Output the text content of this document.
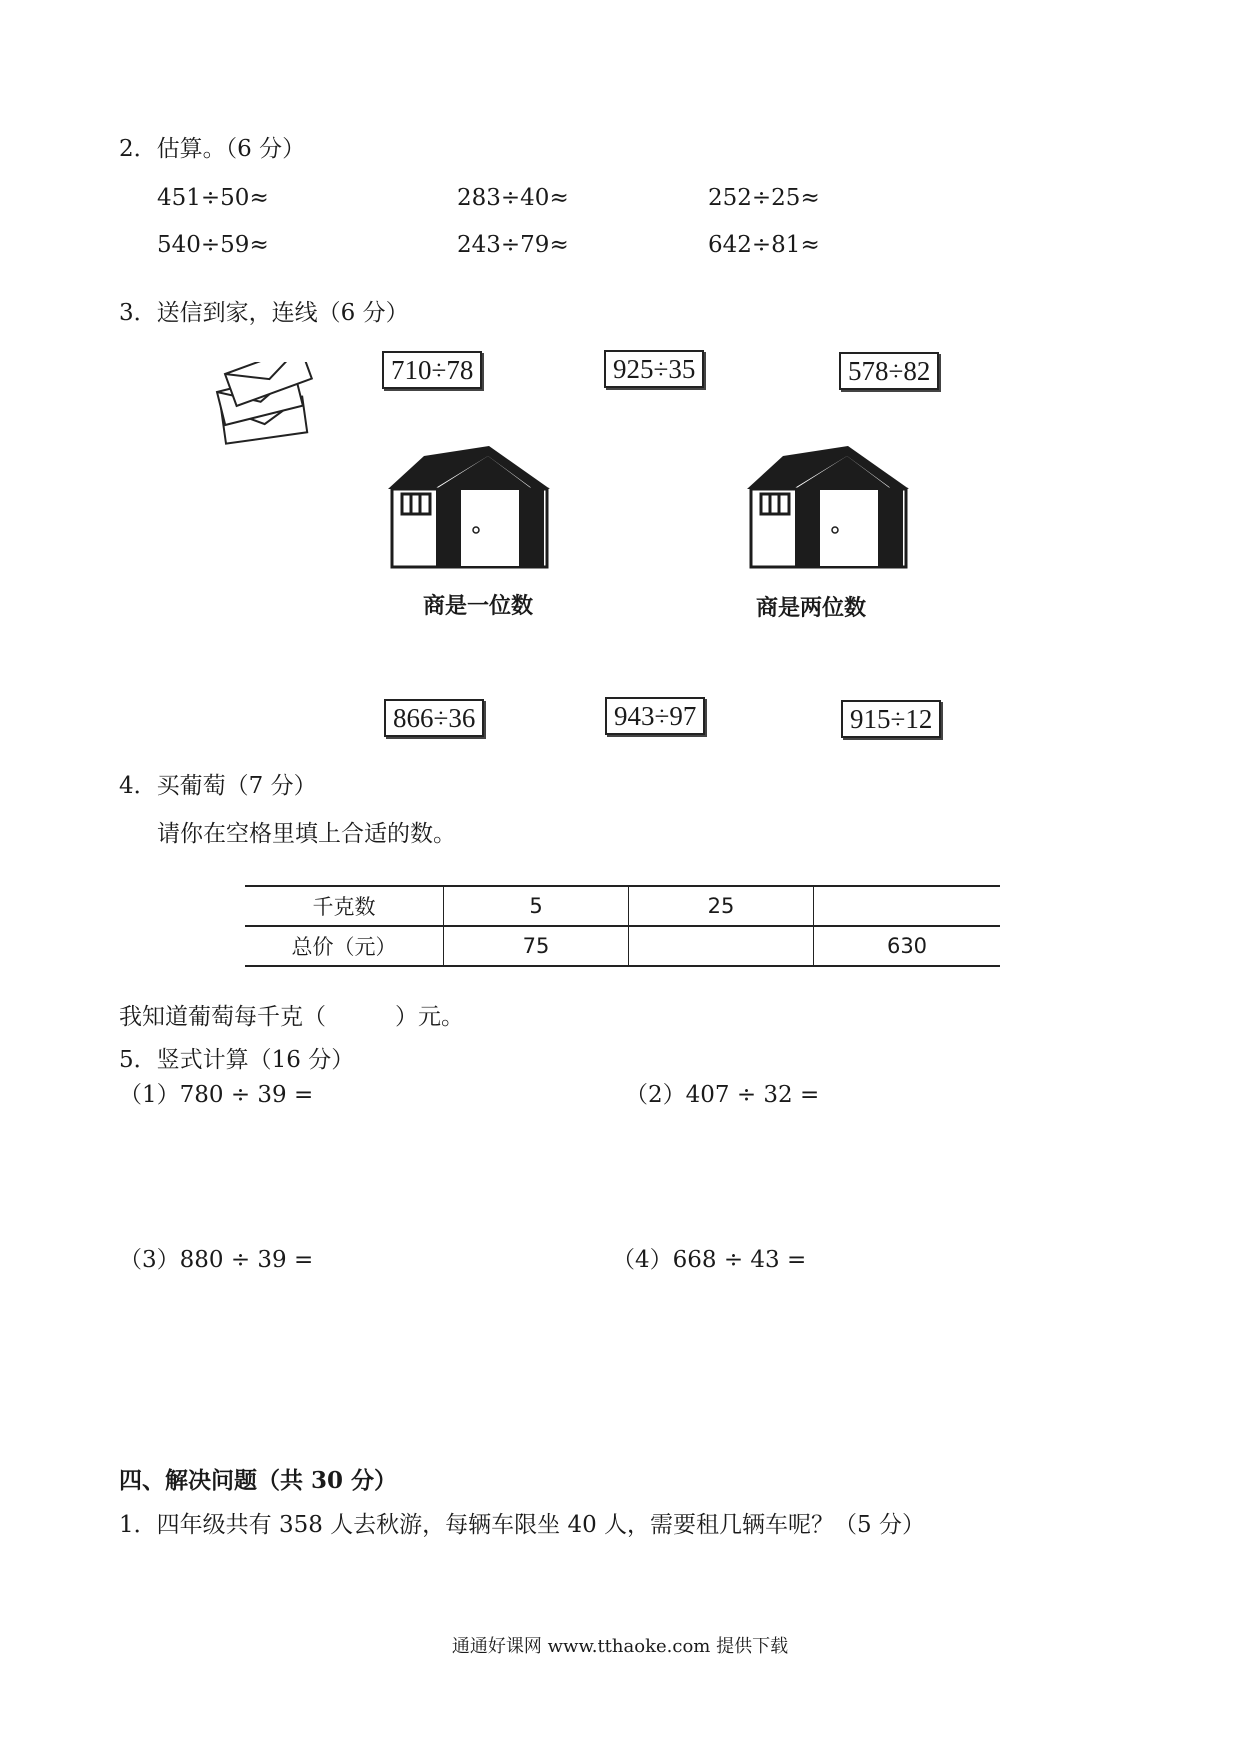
2．估算。（6 分）
451÷50≈	283÷40≈	252÷25≈
540÷59≈	243÷79≈	642÷81≈
3．送信到家，连线（6 分）
710÷78	925÷35	578÷82
商是一位数	商是两位数
866÷36	943÷97	915÷12
4．买葡萄（7 分）
请你在空格里填上合适的数。
千克数	5	25	
总价（元）	75		630
我知道葡萄每千克（　　　）元。
5．竖式计算（16 分）
（1）780 ÷ 39 =	（2）407 ÷ 32 =
（3）880 ÷ 39 =	（4）668 ÷ 43 =
四、解决问题（共 30 分）
1．四年级共有 358 人去秋游，每辆车限坐 40 人，需要租几辆车呢？（5 分）
通通好课网 www.tthaoke.com 提供下载
